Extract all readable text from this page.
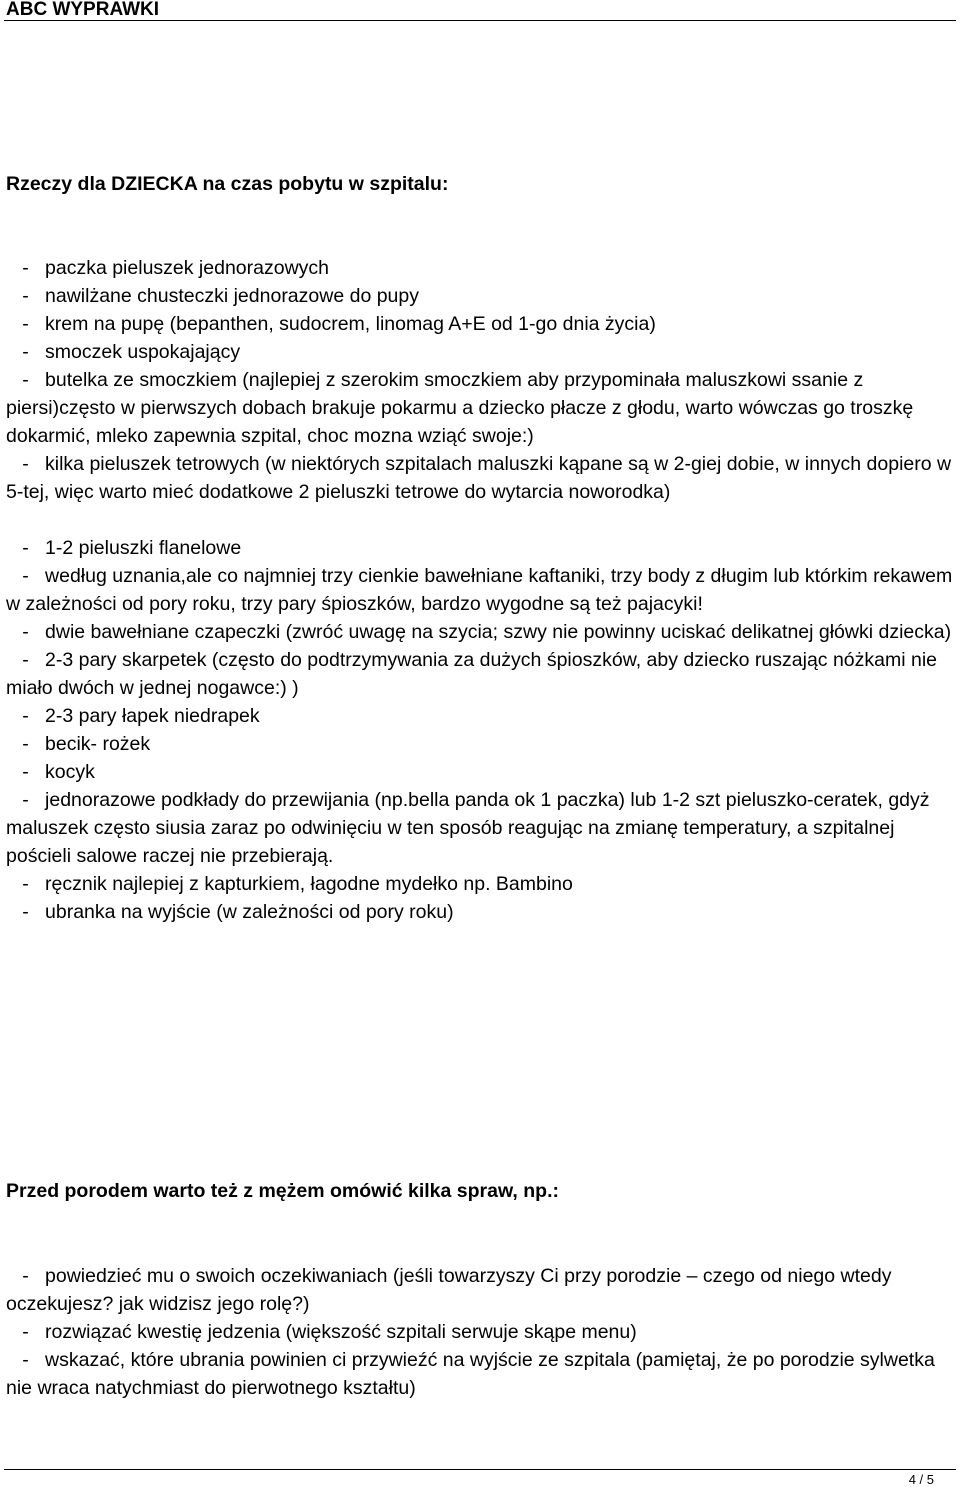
ABC WYPRAWKI
Rzeczy dla DZIECKA na czas pobytu w szpitalu:

-   paczka pieluszek jednorazowych

-   nawilżane chusteczki jednorazowe do pupy

-   krem na pupę (bepanthen, sudocrem, linomag A+E od 1-go dnia życia)

-   smoczek uspokajający

-   butelka ze smoczkiem (najlepiej z szerokim smoczkiem aby przypominała maluszkowi ssanie z piersi)często w pierwszych dobach brakuje pokarmu a dziecko płacze z głodu, warto wówczas go troszkę dokarmić, mleko zapewnia szpital, choc mozna wziąć swoje:)

-   kilka pieluszek tetrowych (w niektórych szpitalach maluszki kąpane są w 2-giej dobie, w innych dopiero w 5-tej, więc warto mieć dodatkowe 2 pieluszki tetrowe do wytarcia noworodka)

-   1-2 pieluszki flanelowe

-   według uznania,ale co najmniej trzy cienkie bawełniane kaftaniki, trzy body z długim lub którkim rekawem w zależności od pory roku, trzy pary śpioszków, bardzo wygodne są też pajacyki!

-   dwie bawełniane czapeczki (zwróć uwagę na szycia; szwy nie powinny uciskać delikatnej główki dziecka)

-   2-3 pary skarpetek (często do podtrzymywania za dużych śpioszków, aby dziecko ruszając nóżkami nie miało dwóch w jednej nogawce:) )

-   2-3 pary łapek niedrapek

-   becik- rożek

-   kocyk

-   jednorazowe podkłady do przewijania (np.bella panda ok 1 paczka) lub 1-2 szt pieluszko-ceratek, gdyż maluszek często siusia zaraz po odwinięciu w ten sposób reagując na zmianę temperatury, a szpitalnej pościeli salowe raczej nie przebierają.

-   ręcznik najlepiej z kapturkiem, łagodne mydełko np. Bambino

-   ubranka na wyjście (w zależności od pory roku)

Przed porodem warto też z mężem omówić kilka spraw, np.:

-   powiedzieć mu o swoich oczekiwaniach (jeśli towarzyszy Ci przy porodzie – czego od niego wtedy oczekujesz? jak widzisz jego rolę?)

-   rozwiązać kwestię jedzenia (większość szpitali serwuje skąpe menu)

-   wskazać, które ubrania powinien ci przywieźć na wyjście ze szpitala (pamiętaj, że po porodzie sylwetka nie wraca natychmiast do pierwotnego kształtu)

4 / 5
